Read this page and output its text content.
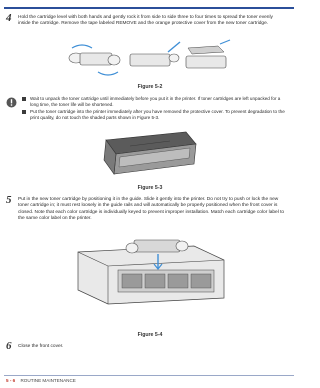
4 Hold the cartridge level with both hands and gently rock it from side to side three to four times to spread the toner evenly inside the cartridge. Remove the tape labeled REMOVE and the orange protective cover from the new toner cartridge.
Figure 5-2
Wait to unpack the toner cartridge until immediately before you put it in the printer. If toner cartridges are left unpacked for a long time, the toner life will be shortened.
Put the toner cartridge into the printer immediately after you have removed the protective cover. To prevent degradation to the print quality, do not touch the shaded parts shown in Figure 5-3.
Figure 5-3
5 Put in the new toner cartridge by positioning it in the guide. Slide it gently into the printer. Do not try to push or lock the new toner cartridge in; it must rest loosely in the guide rails and will automatically be properly positioned when the front cover is closed. Note that each color cartridge is individually keyed to prevent improper installation. Match each cartridge color label to the same color label on the printer.
Figure 5-4
6 Close the front cover.
5 - 6 ROUTINE MAINTENANCE
